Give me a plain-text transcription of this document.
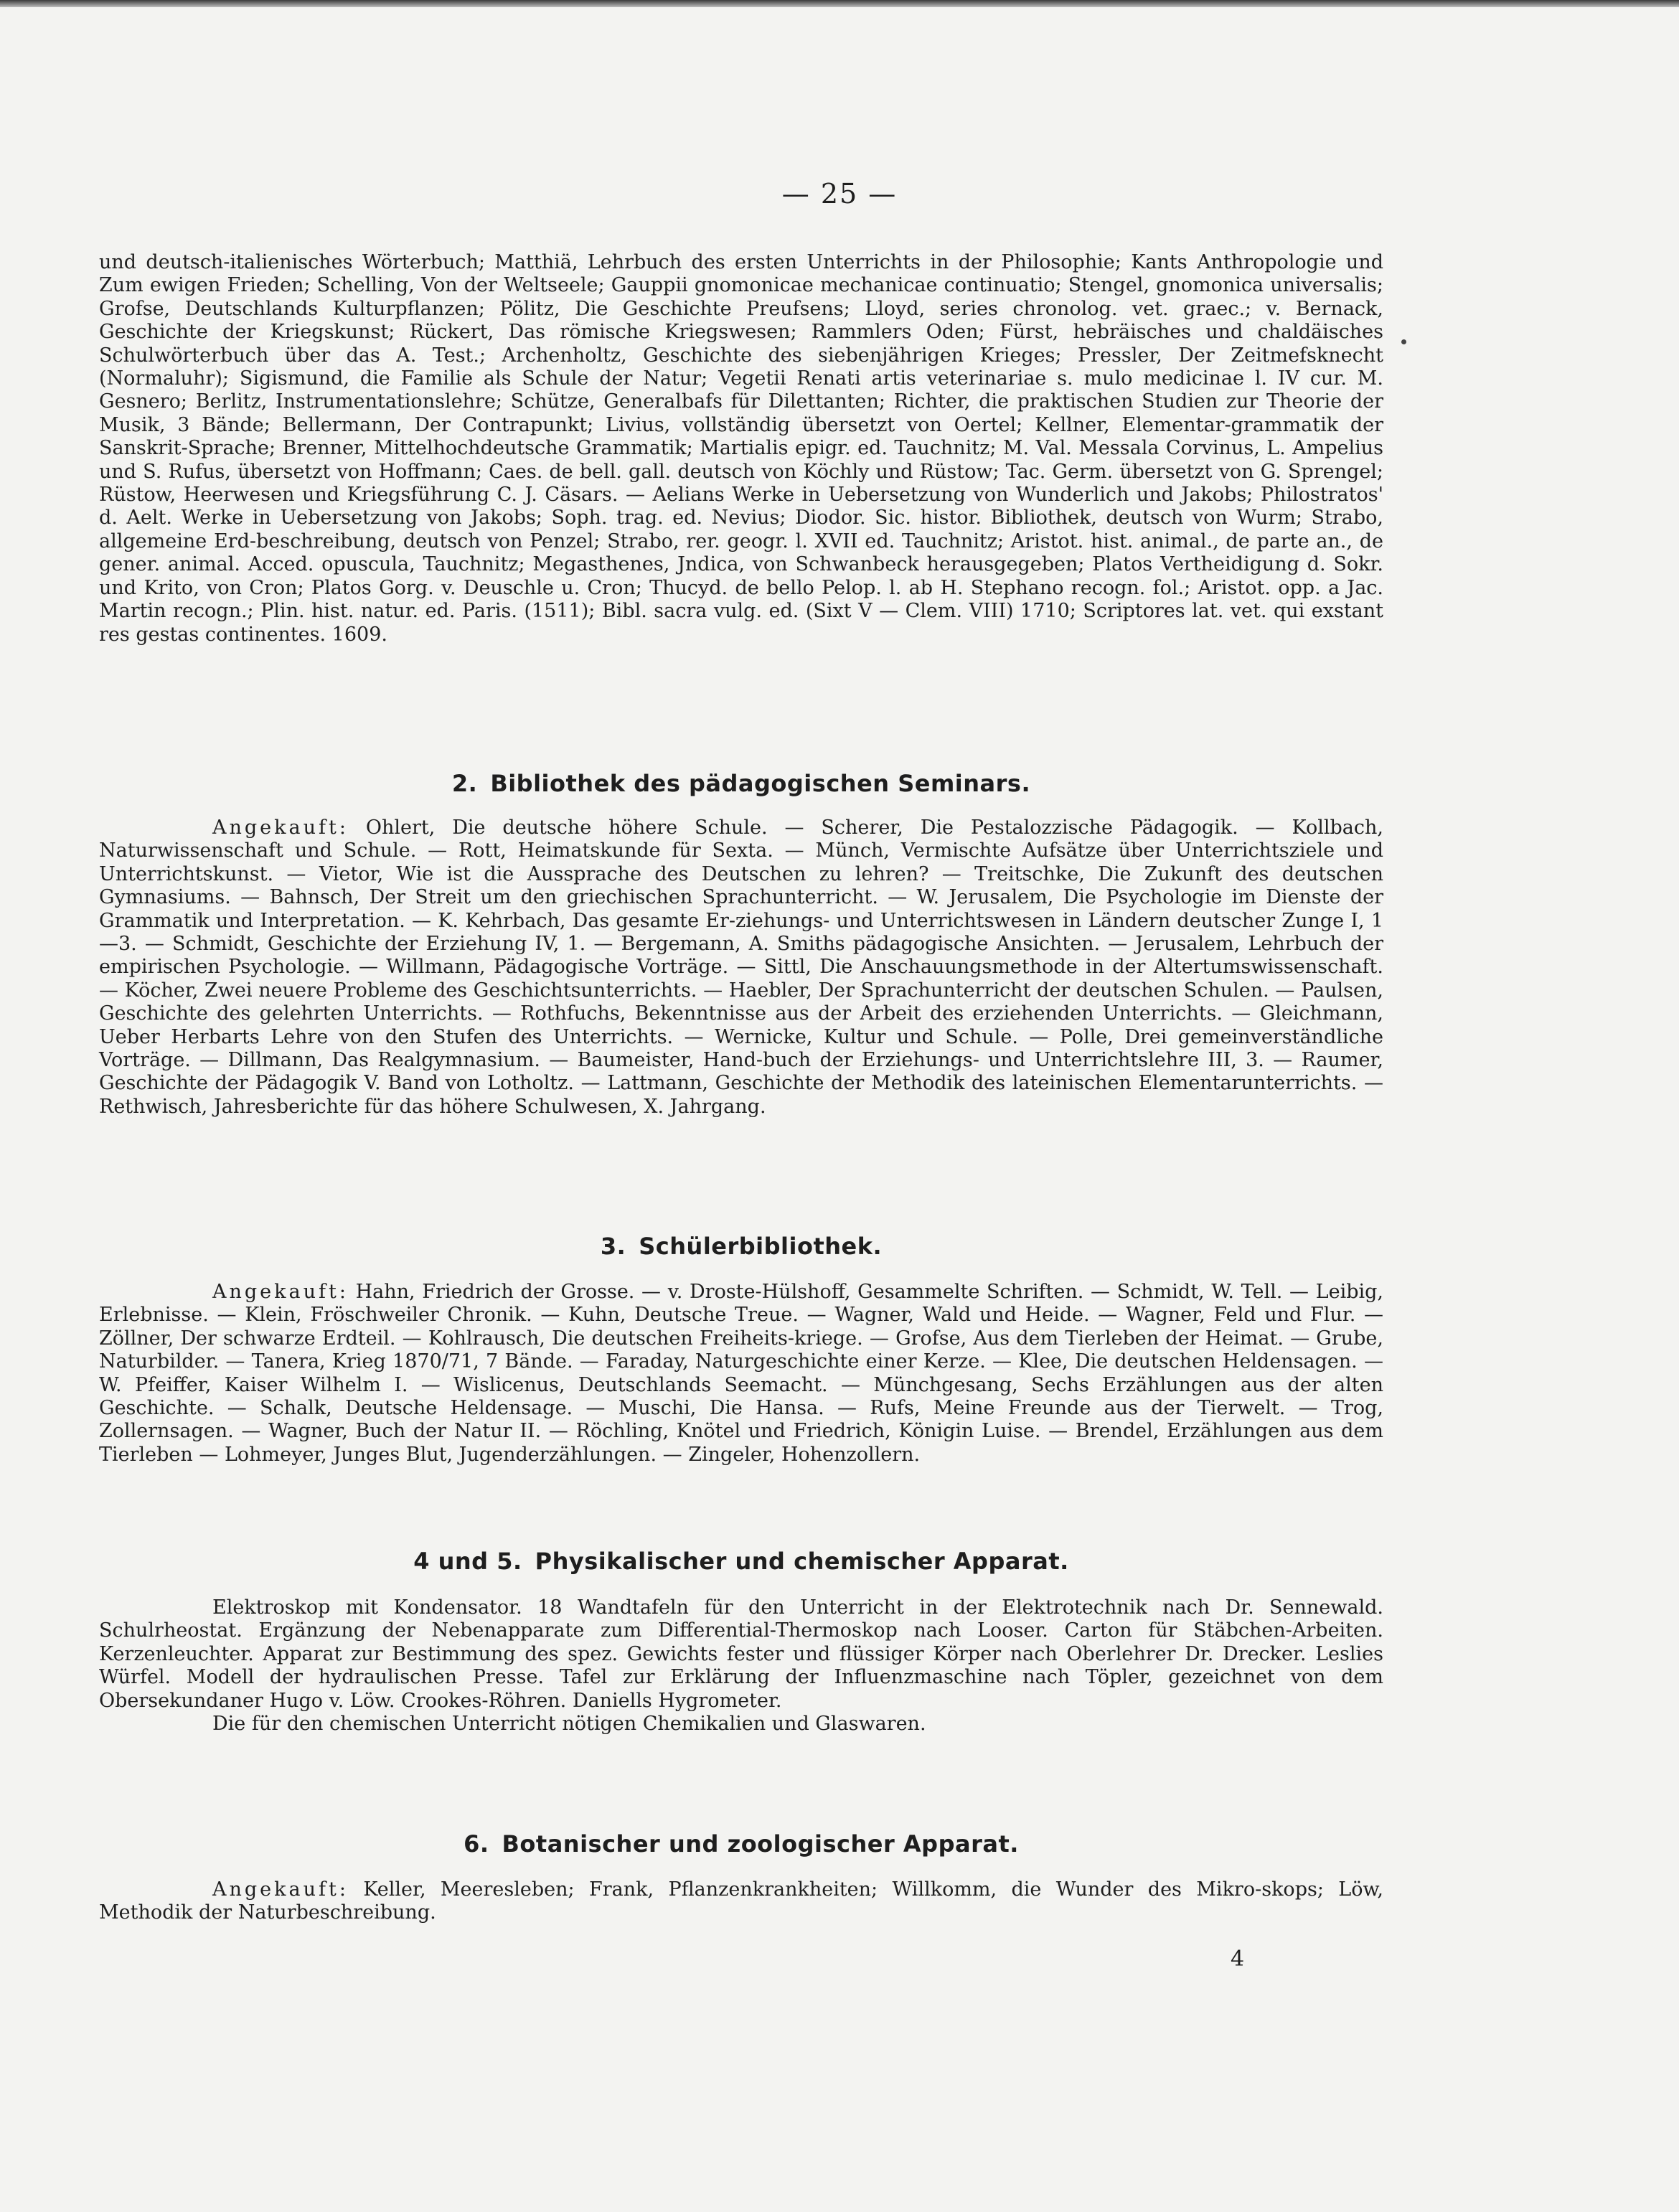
— 25 —

und deutsch-italienisches Wörterbuch; Matthiä, Lehrbuch des ersten Unterrichts in der Philosophie; Kants Anthropologie und Zum ewigen Frieden; Schelling, Von der Weltseele; Gauppii gnomonicae mechanicae continuatio; Stengel, gnomonica universalis; Grofse, Deutschlands Kulturpflanzen; Pölitz, Die Geschichte Preufsens; Lloyd, series chronolog. vet. graec.; v. Bernack, Geschichte der Kriegskunst; Rückert, Das römische Kriegswesen; Rammlers Oden; Fürst, hebräisches und chaldäisches Schulwörterbuch über das A. Test.; Archenholtz, Geschichte des siebenjährigen Krieges; Pressler, Der Zeitmefsknecht (Normaluhr); Sigismund, die Familie als Schule der Natur; Vegetii Renati artis veterinariae s. mulo medicinae l. IV cur. M. Gesnero; Berlitz, Instrumentationslehre; Schütze, Generalbafs für Dilettanten; Richter, die praktischen Studien zur Theorie der Musik, 3 Bände; Bellermann, Der Contrapunkt; Livius, vollständig übersetzt von Oertel; Kellner, Elementar-grammatik der Sanskrit-Sprache; Brenner, Mittelhochdeutsche Grammatik; Martialis epigr. ed. Tauchnitz; M. Val. Messala Corvinus, L. Ampelius und S. Rufus, übersetzt von Hoffmann; Caes. de bell. gall. deutsch von Köchly und Rüstow; Tac. Germ. übersetzt von G. Sprengel; Rüstow, Heerwesen und Kriegsführung C. J. Cäsars. — Aelians Werke in Uebersetzung von Wunderlich und Jakobs; Philostratos' d. Aelt. Werke in Uebersetzung von Jakobs; Soph. trag. ed. Nevius; Diodor. Sic. histor. Bibliothek, deutsch von Wurm; Strabo, allgemeine Erd-beschreibung, deutsch von Penzel; Strabo, rer. geogr. l. XVII ed. Tauchnitz; Aristot. hist. animal., de parte an., de gener. animal. Acced. opuscula, Tauchnitz; Megasthenes, Jndica, von Schwanbeck herausgegeben; Platos Vertheidigung d. Sokr. und Krito, von Cron; Platos Gorg. v. Deuschle u. Cron; Thucyd. de bello Pelop. l. ab H. Stephano recogn. fol.; Aristot. opp. a Jac. Martin recogn.; Plin. hist. natur. ed. Paris. (1511); Bibl. sacra vulg. ed. (Sixt V — Clem. VIII) 1710; Scriptores lat. vet. qui exstant res gestas continentes. 1609.

2. Bibliothek des pädagogischen Seminars.

Angekauft: Ohlert, Die deutsche höhere Schule. — Scherer, Die Pestalozzische Pädagogik. — Kollbach, Naturwissenschaft und Schule. — Rott, Heimatskunde für Sexta. — Münch, Vermischte Aufsätze über Unterrichtsziele und Unterrichtskunst. — Vietor, Wie ist die Aussprache des Deutschen zu lehren? — Treitschke, Die Zukunft des deutschen Gymnasiums. — Bahnsch, Der Streit um den griechischen Sprachunterricht. — W. Jerusalem, Die Psychologie im Dienste der Grammatik und Interpretation. — K. Kehrbach, Das gesamte Er-ziehungs- und Unterrichtswesen in Ländern deutscher Zunge I, 1—3. — Schmidt, Geschichte der Erziehung IV, 1. — Bergemann, A. Smiths pädagogische Ansichten. — Jerusalem, Lehrbuch der empirischen Psychologie. — Willmann, Pädagogische Vorträge. — Sittl, Die Anschauungsmethode in der Altertumswissenschaft. — Köcher, Zwei neuere Probleme des Geschichtsunterrichts. — Haebler, Der Sprachunterricht der deutschen Schulen. — Paulsen, Geschichte des gelehrten Unterrichts. — Rothfuchs, Bekenntnisse aus der Arbeit des erziehenden Unterrichts. — Gleichmann, Ueber Herbarts Lehre von den Stufen des Unterrichts. — Wernicke, Kultur und Schule. — Polle, Drei gemeinverständliche Vorträge. — Dillmann, Das Realgymnasium. — Baumeister, Hand-buch der Erziehungs- und Unterrichtslehre III, 3. — Raumer, Geschichte der Pädagogik V. Band von Lotholtz. — Lattmann, Geschichte der Methodik des lateinischen Elementarunterrichts. — Rethwisch, Jahresberichte für das höhere Schulwesen, X. Jahrgang.

3. Schülerbibliothek.

Angekauft: Hahn, Friedrich der Grosse. — v. Droste-Hülshoff, Gesammelte Schriften. — Schmidt, W. Tell. — Leibig, Erlebnisse. — Klein, Fröschweiler Chronik. — Kuhn, Deutsche Treue. — Wagner, Wald und Heide. — Wagner, Feld und Flur. — Zöllner, Der schwarze Erdteil. — Kohlrausch, Die deutschen Freiheits-kriege. — Grofse, Aus dem Tierleben der Heimat. — Grube, Naturbilder. — Tanera, Krieg 1870/71, 7 Bände. — Faraday, Naturgeschichte einer Kerze. — Klee, Die deutschen Heldensagen. — W. Pfeiffer, Kaiser Wilhelm I. — Wislicenus, Deutschlands Seemacht. — Münchgesang, Sechs Erzählungen aus der alten Geschichte. — Schalk, Deutsche Heldensage. — Muschi, Die Hansa. — Rufs, Meine Freunde aus der Tierwelt. — Trog, Zollernsagen. — Wagner, Buch der Natur II. — Röchling, Knötel und Friedrich, Königin Luise. — Brendel, Erzählungen aus dem Tierleben — Lohmeyer, Junges Blut, Jugenderzählungen. — Zingeler, Hohenzollern.

4 und 5. Physikalischer und chemischer Apparat.

Elektroskop mit Kondensator. 18 Wandtafeln für den Unterricht in der Elektrotechnik nach Dr. Sennewald. Schulrheostat. Ergänzung der Nebenapparate zum Differential-Thermoskop nach Looser. Carton für Stäbchen-Arbeiten. Kerzenleuchter. Apparat zur Bestimmung des spez. Gewichts fester und flüssiger Körper nach Oberlehrer Dr. Drecker. Leslies Würfel. Modell der hydraulischen Presse. Tafel zur Erklärung der Influenzmaschine nach Töpler, gezeichnet von dem Obersekundaner Hugo v. Löw. Crookes-Röhren. Daniells Hygrometer.

Die für den chemischen Unterricht nötigen Chemikalien und Glaswaren.

6. Botanischer und zoologischer Apparat.

Angekauft: Keller, Meeresleben; Frank, Pflanzenkrankheiten; Willkomm, die Wunder des Mikro-skops; Löw, Methodik der Naturbeschreibung.

4
